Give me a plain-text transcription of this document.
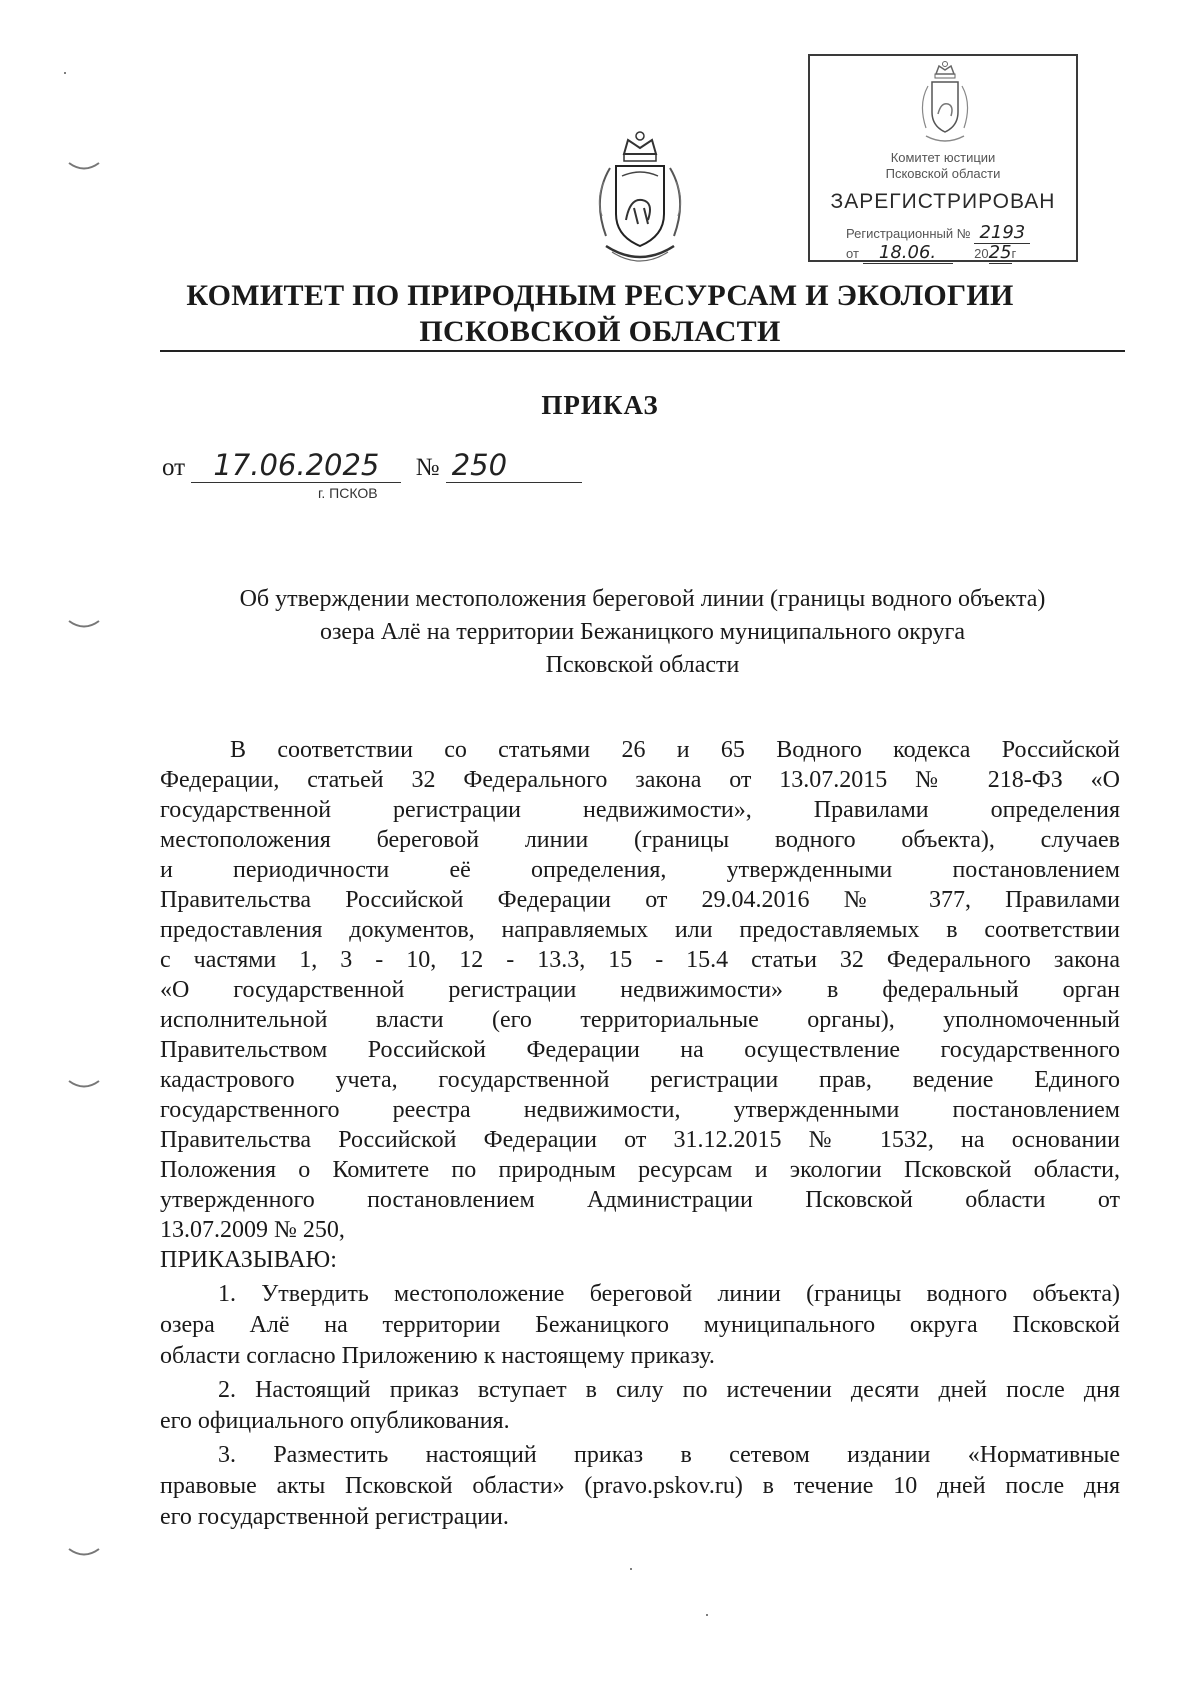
Комитет юстиции
Псковской области
ЗАРЕГИСТРИРОВАН
Регистрационный № 2193
от 18.06.	2025г
КОМИТЕТ ПО ПРИРОДНЫМ РЕСУРСАМ И ЭКОЛОГИИ
ПСКОВСКОЙ ОБЛАСТИ
ПРИКАЗ
от 17.06.2025 № 250
г. ПСКОВ
Об утверждении местоположения береговой линии (границы водного объекта)
озера Алё на территории Бежаницкого муниципального округа
Псковской области
В соответствии со статьями 26 и 65 Водного кодекса Российской
Федерации, статьей 32 Федерального закона от 13.07.2015 № 218-ФЗ «О
государственной регистрации недвижимости», Правилами определения
местоположения береговой линии (границы водного объекта), случаев
и периодичности её определения, утвержденными постановлением
Правительства Российской Федерации от 29.04.2016 № 377, Правилами
предоставления документов, направляемых или предоставляемых в соответствии
с частями 1, 3 - 10, 12 - 13.3, 15 - 15.4 статьи 32 Федерального закона
«О государственной регистрации недвижимости» в федеральный орган
исполнительной власти (его территориальные органы), уполномоченный
Правительством Российской Федерации на осуществление государственного
кадастрового учета, государственной регистрации прав, ведение Единого
государственного реестра недвижимости, утвержденными постановлением
Правительства Российской Федерации от 31.12.2015 № 1532, на основании
Положения о Комитете по природным ресурсам и экологии Псковской области,
утвержденного постановлением Администрации Псковской области от
13.07.2009 № 250,
ПРИКАЗЫВАЮ:
1. Утвердить местоположение береговой линии (границы водного объекта)
озера Алё на территории Бежаницкого муниципального округа Псковской
области согласно Приложению к настоящему приказу.
2. Настоящий приказ вступает в силу по истечении десяти дней после дня
его официального опубликования.
3. Разместить настоящий приказ в сетевом издании «Нормативные
правовые акты Псковской области» (pravo.pskov.ru) в течение 10 дней после дня
его государственной регистрации.
